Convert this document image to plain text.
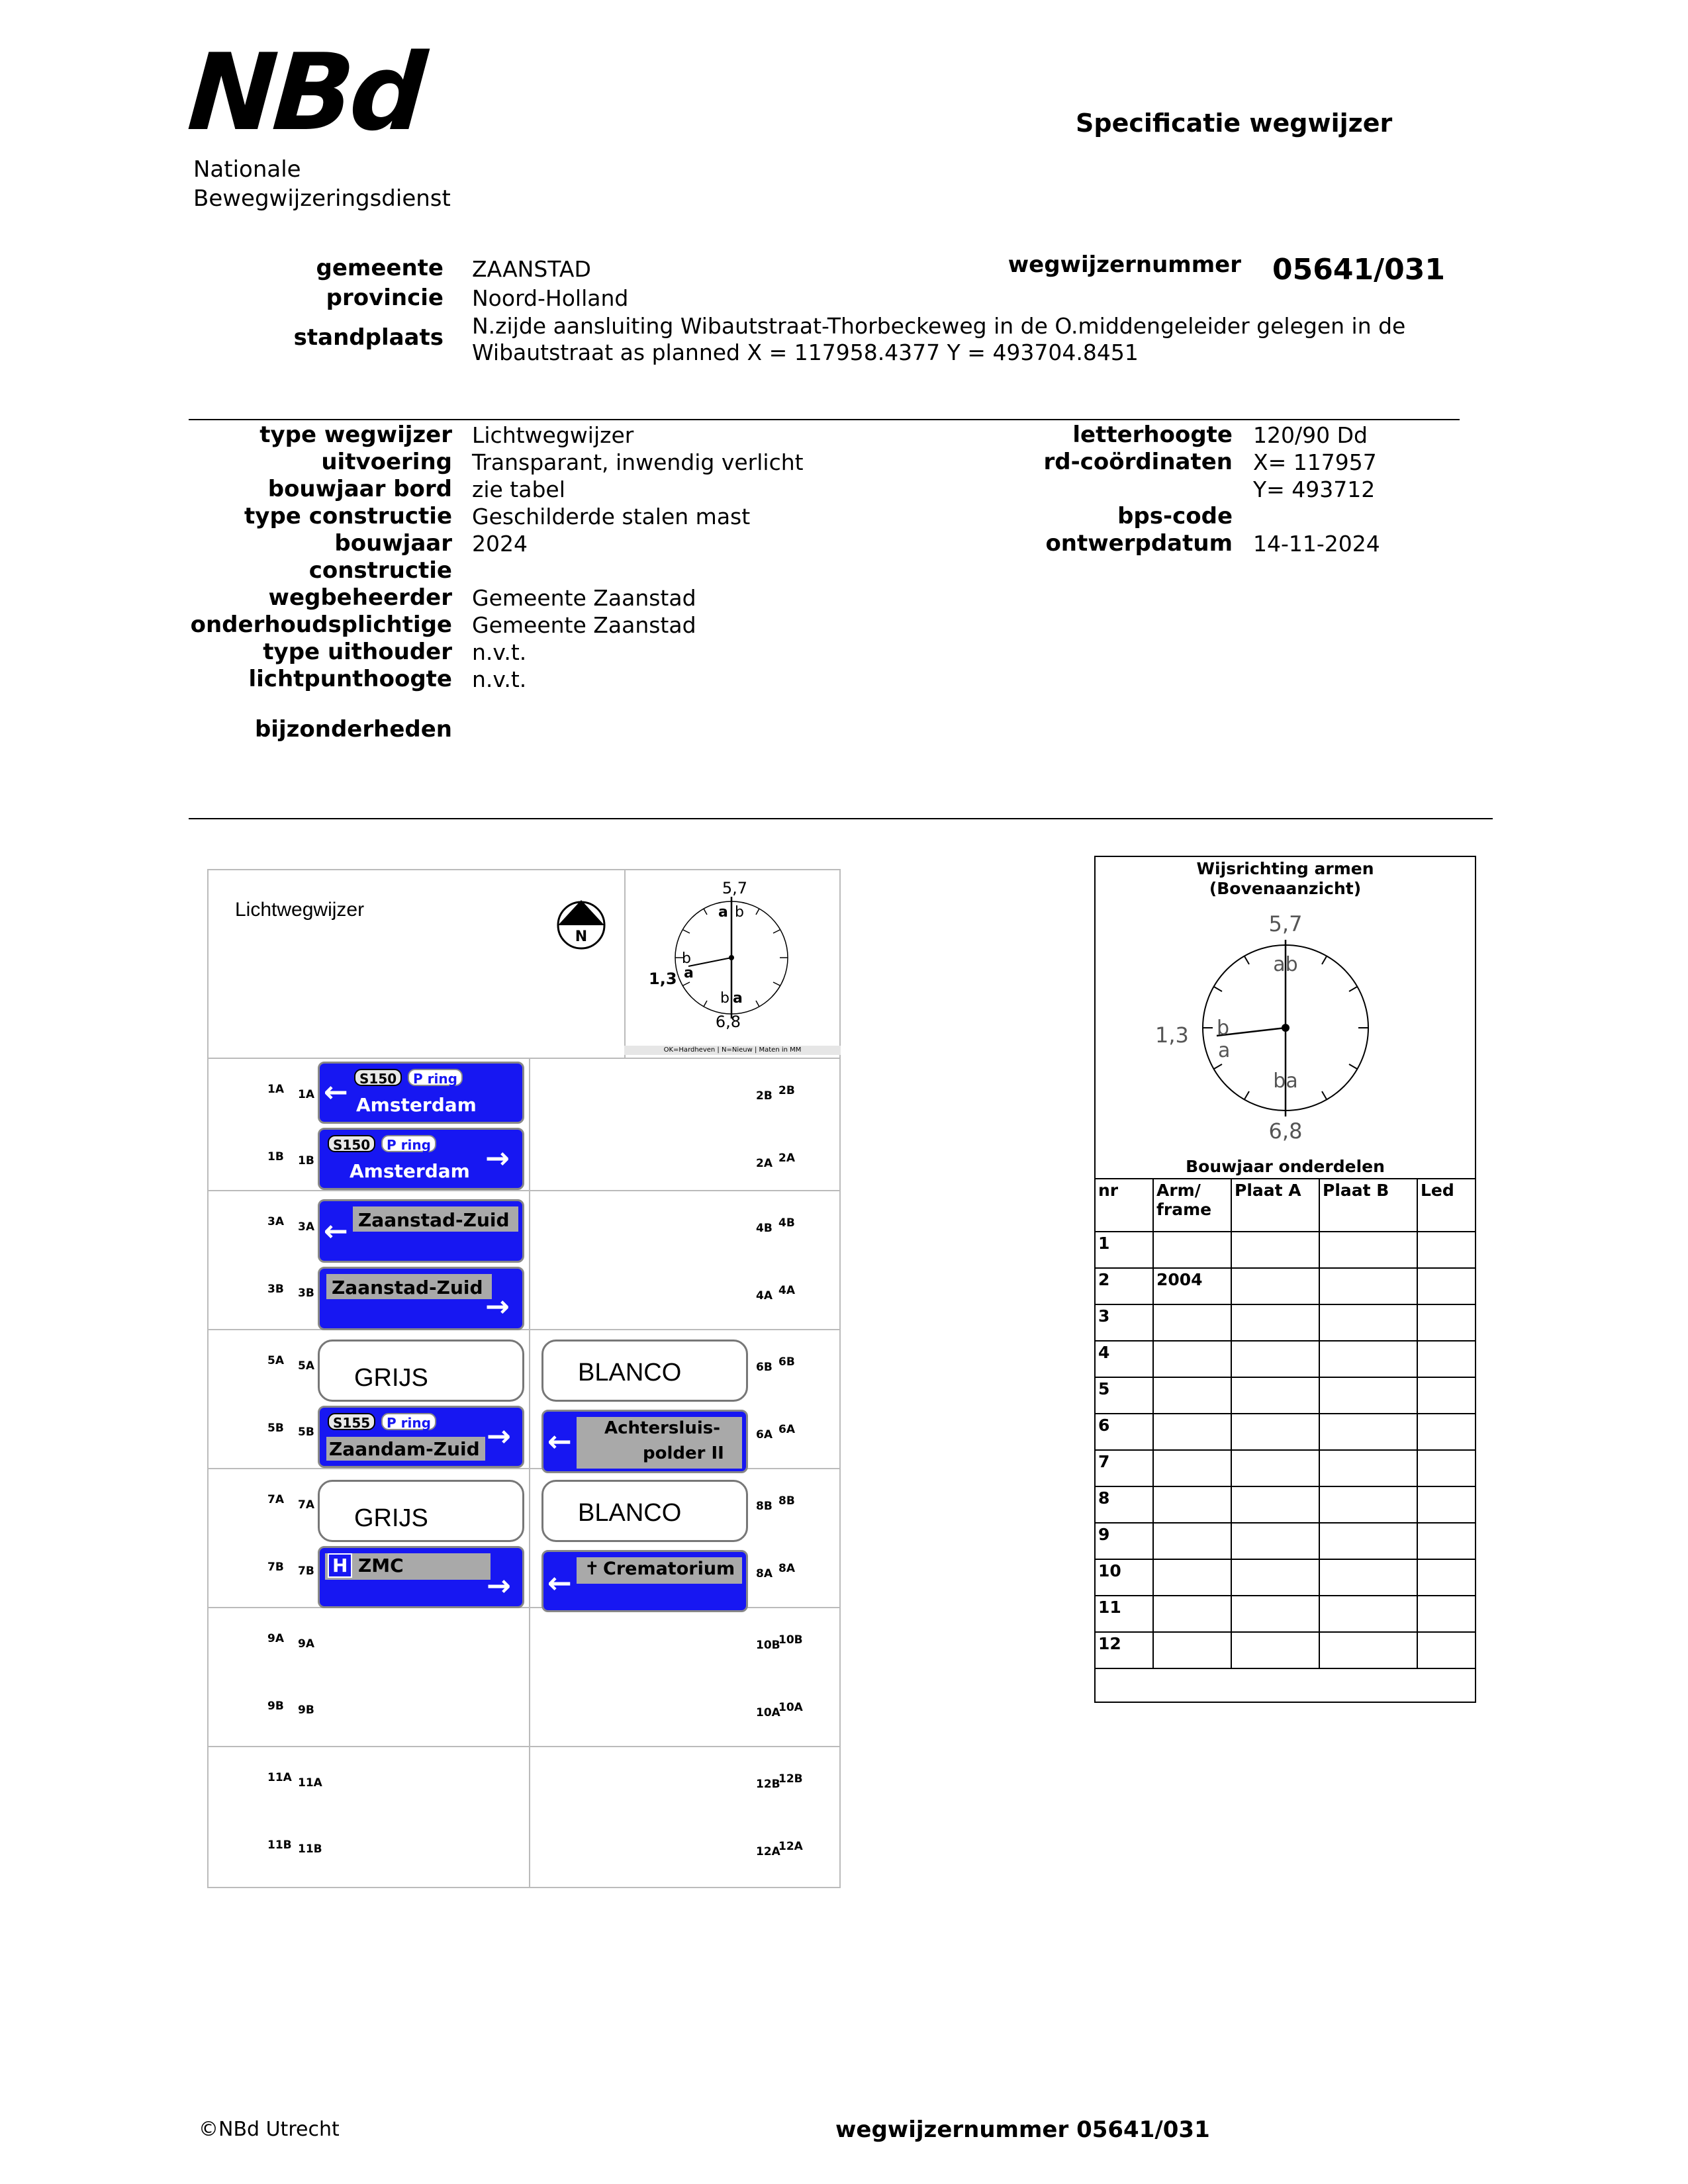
NBd
Nationale
Bewegwijzeringsdienst
Specificatie wegwijzer
gemeente ZAANSTAD
provincie Noord-Holland
standplaats N.zijde aansluiting Wibautstraat-Thorbeckeweg in de O.middengeleider gelegen in de
Wibautstraat as planned X = 117958.4377 Y = 493704.8451
wegwijzernummer 05641/031
type wegwijzer Lichtwegwijzer
uitvoering Transparant, inwendig verlicht
bouwjaar bord zie tabel
type constructie Geschilderde stalen mast
bouwjaar 2024
constructie
wegbeheerder Gemeente Zaanstad
onderhoudsplichtige Gemeente Zaanstad
type uithouder n.v.t.
lichtpunthoogte n.v.t.
bijzonderheden
letterhoogte 120/90 Dd
rd-coördinaten X= 117957
Y= 493712
bps-code
ontwerpdatum 14-11-2024
Lichtwegwijzer
N
5,7
a b
b
a
1,3
b a
6,8
OK=Hardheven | N=Nieuw | Maten in MM
1A 1A
1B 1B
2B 2B
2A 2A
3A 3A
3B 3B
4B 4B
4A 4A
5A 5A
5B 5B
6B 6B
6A 6A
7A 7A
7B 7B
8B 8B
8A 8A
9A 9A
9B 9B
10B
10B
10A
10A
11A 11A
11B 11B
12B
12B
12A
12A
← S150	P ring
Amsterdam
S150	P ring
Amsterdam →
← Zaanstad-Zuid
Zaanstad-Zuid
→
GRIJS	BLANCO
S155	P ring
Zaandam-Zuid → ← Achtersluis-
polder II
GRIJS	BLANCO
H ZMC
→ ← ✝ Crematorium
Wijsrichting armen
(Bovenaanzicht)
5,7
ab
b
a
1,3
ba
6,8
Bouwjaar onderdelen
nr	Arm/ frame	Plaat A	Plaat B	Led
1				
2	2004			
3				
4				
5				
6				
7				
8				
9				
10				
11				
12				
©NBd Utrecht	wegwijzernummer 05641/031
